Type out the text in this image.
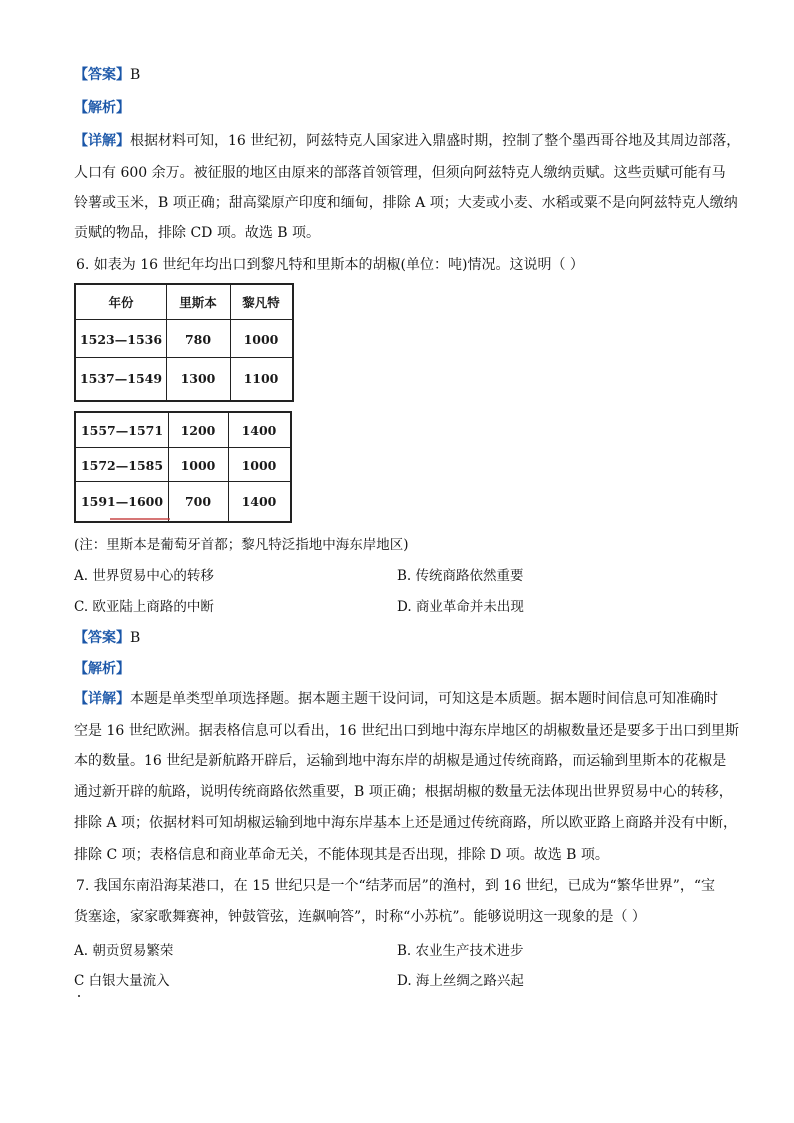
【答案】B
【解析】
【详解】根据材料可知，16 世纪初，阿兹特克人国家进入鼎盛时期，控制了整个墨西哥谷地及其周边部落，
人口有 600 余万。被征服的地区由原来的部落首领管理，但须向阿兹特克人缴纳贡赋。这些贡赋可能有马
铃薯或玉米，B 项正确；甜高粱原产印度和缅甸，排除 A 项；大麦或小麦、水稻或粟不是向阿兹特克人缴纳
贡赋的物品，排除 CD 项。故选 B 项。
6. 如表为 16 世纪年均出口到黎凡特和里斯本的胡椒(单位：吨)情况。这说明（ ）
年份	里斯本	黎凡特
1523—1536	780	1000
1537—1549	1300	1100
1557—1571	1200	1400
1572—1585	1000	1000
1591—1600	700	1400
(注：里斯本是葡萄牙首都；黎凡特泛指地中海东岸地区)
A. 世界贸易中心的转移	B. 传统商路依然重要
C. 欧亚陆上商路的中断	D. 商业革命并未出现
【答案】B
【解析】
【详解】本题是单类型单项选择题。据本题主题干设问词，可知这是本质题。据本题时间信息可知准确时
空是 16 世纪欧洲。据表格信息可以看出，16 世纪出口到地中海东岸地区的胡椒数量还是要多于出口到里斯
本的数量。16 世纪是新航路开辟后，运输到地中海东岸的胡椒是通过传统商路，而运输到里斯本的花椒是
通过新开辟的航路，说明传统商路依然重要，B 项正确；根据胡椒的数量无法体现出世界贸易中心的转移，
排除 A 项；依据材料可知胡椒运输到地中海东岸基本上还是通过传统商路，所以欧亚路上商路并没有中断，
排除 C 项；表格信息和商业革命无关，不能体现其是否出现，排除 D 项。故选 B 项。
7. 我国东南沿海某港口，在 15 世纪只是一个“结茅而居”的渔村，到 16 世纪，已成为“繁华世界”，“宝
货塞途，家家歌舞赛神，钟鼓管弦，连飙响答”，时称“小苏杭”。能够说明这一现象的是（ ）
A. 朝贡贸易繁荣	B. 农业生产技术进步
C 白银大量流入	D. 海上丝绸之路兴起
